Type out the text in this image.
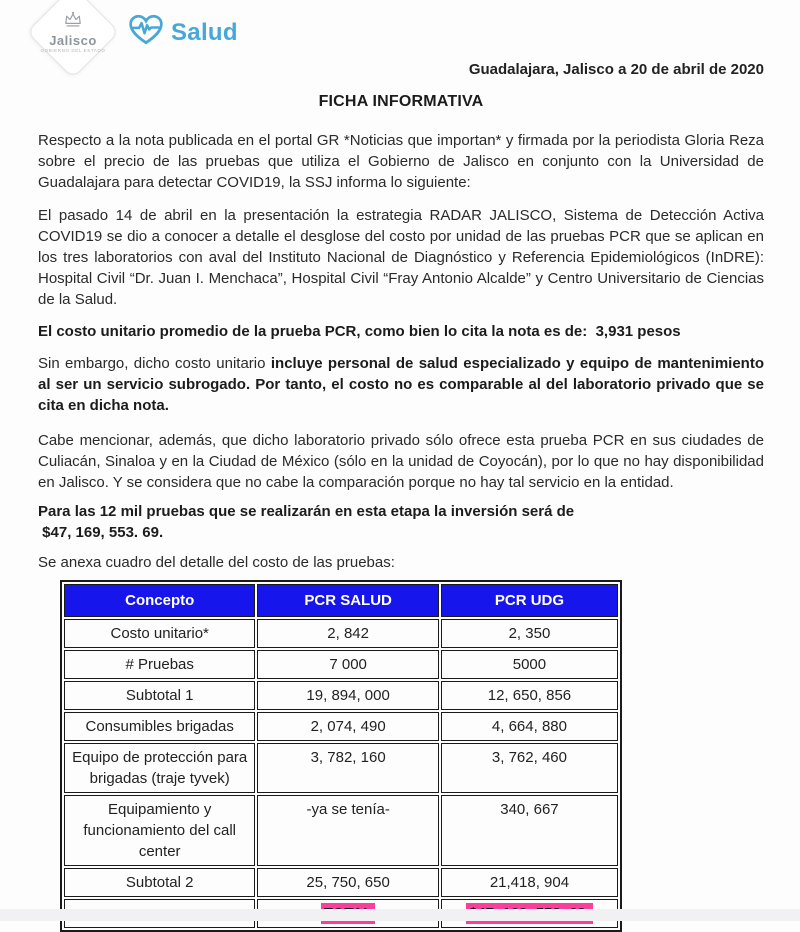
Jalisco
GOBIERNO DEL ESTADO
Salud
Guadalajara, Jalisco a 20 de abril de 2020
FICHA INFORMATIVA

Respecto a la nota publicada en el portal GR *Noticias que importan* y firmada por la periodista Gloria Reza sobre el precio de las pruebas que utiliza el Gobierno de Jalisco en conjunto con la Universidad de Guadalajara para detectar COVID19, la SSJ informa lo siguiente:

El pasado 14 de abril en la presentación la estrategia RADAR JALISCO, Sistema de Detección Activa COVID19 se dio a conocer a detalle el desglose del costo por unidad de las pruebas PCR que se aplican en los tres laboratorios con aval del Instituto Nacional de Diagnóstico y Referencia Epidemiológicos (InDRE): Hospital Civil “Dr. Juan I. Menchaca”, Hospital Civil “Fray Antonio Alcalde” y Centro Universitario de Ciencias de la Salud.

El costo unitario promedio de la prueba PCR, como bien lo cita la nota es de:  3,931 pesos

Sin embargo, dicho costo unitario incluye personal de salud especializado y equipo de mantenimiento al ser un servicio subrogado. Por tanto, el costo no es comparable al del laboratorio privado que se cita en dicha nota.

Cabe mencionar, además, que dicho laboratorio privado sólo ofrece esta prueba PCR en sus ciudades de Culiacán, Sinaloa y en la Ciudad de México (sólo en la unidad de Coyocán), por lo que no hay disponibilidad en Jalisco. Y se considera que no cabe la comparación porque no hay tal servicio en la entidad.

Para las 12 mil pruebas que se realizarán en esta etapa la inversión será de
$47, 169, 553. 69.

Se anexa cuadro del detalle del costo de las pruebas:

Concepto	PCR SALUD	PCR UDG
Costo unitario*	2, 842	2, 350
# Pruebas	7 000	5000
Subtotal 1	19, 894, 000	12, 650, 856
Consumibles brigadas	2, 074, 490	4, 664, 880
Equipo de protección para brigadas (traje tyvek)	3, 782, 160	3, 762, 460
Equipamiento y funcionamiento del call center	-ya se tenía-	340, 667
Subtotal 2	25, 750, 650	21,418, 904
